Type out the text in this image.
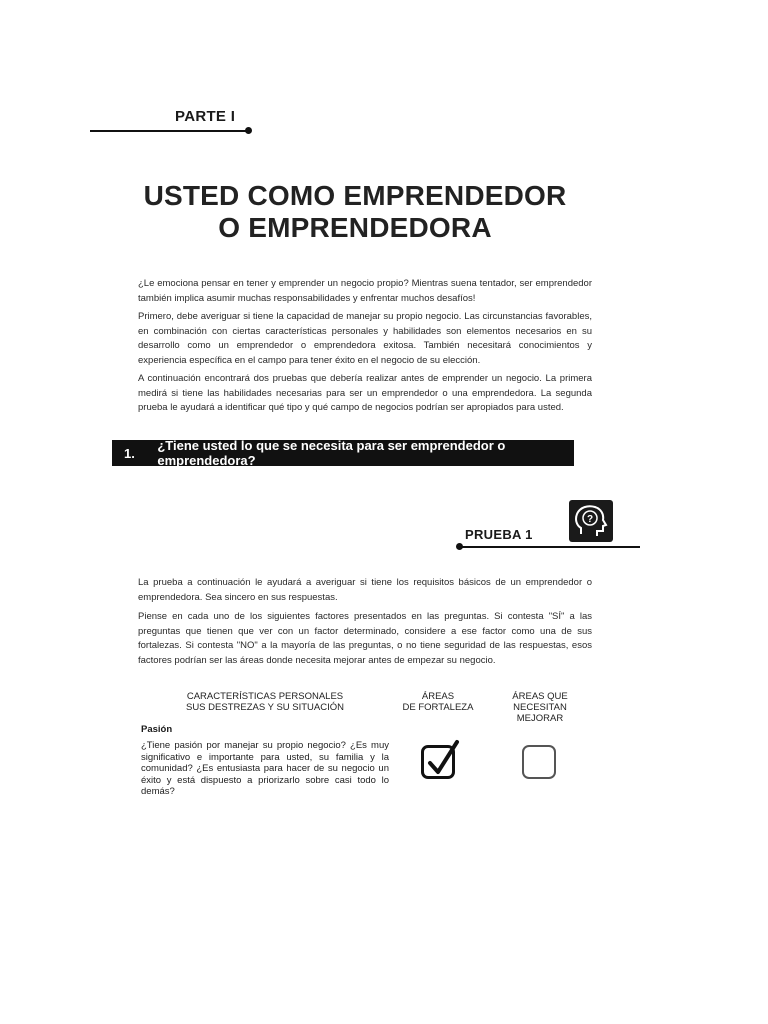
PARTE I
USTED COMO EMPRENDEDOR
O EMPRENDEDORA

¿Le emociona pensar en tener y emprender un negocio propio? Mientras suena tentador, ser emprendedor también implica asumir muchas responsabilidades y enfrentar muchos desafíos!

Primero, debe averiguar si tiene la capacidad de manejar su propio negocio. Las circunstancias favorables, en combinación con ciertas características personales y habilidades son elementos necesarios en su desarrollo como un emprendedor o emprendedora exitosa. También necesitará conocimientos y experiencia específica en el campo para tener éxito en el negocio de su elección.

A continuación encontrará dos pruebas que debería realizar antes de emprender un negocio. La primera medirá si tiene las habilidades necesarias para ser un emprendedor o una emprendedora. La segunda prueba le ayudará a identificar qué tipo y qué campo de negocios podrían ser apropiados para usted.

1.	¿Tiene usted lo que se necesita para ser emprendedor o emprendedora?
PRUEBA 1
?

La prueba a continuación le ayudará a averiguar si tiene los requisitos básicos de un emprendedor o emprendedora. Sea sincero en sus respuestas.

Piense en cada uno de los siguientes factores presentados en las preguntas. Si contesta "SÍ" a las preguntas que tienen que ver con un factor determinado, considere a ese factor como una de sus fortalezas. Si contesta "NO" a la mayoría de las preguntas, o no tiene seguridad de las respuestas, esos factores podrían ser las áreas donde necesita mejorar antes de empezar su negocio.

CARACTERÍSTICAS PERSONALES
SUS DESTREZAS Y SU SITUACIÓN
ÁREAS
DE FORTALEZA
ÁREAS QUE
NECESITAN MEJORAR
Pasión
¿Tiene pasión por manejar su propio negocio? ¿Es muy significativo e importante para usted, su familia y la comunidad? ¿Es entusiasta para hacer de su negocio un éxito y está dispuesto a priorizarlo sobre casi todo lo demás?
